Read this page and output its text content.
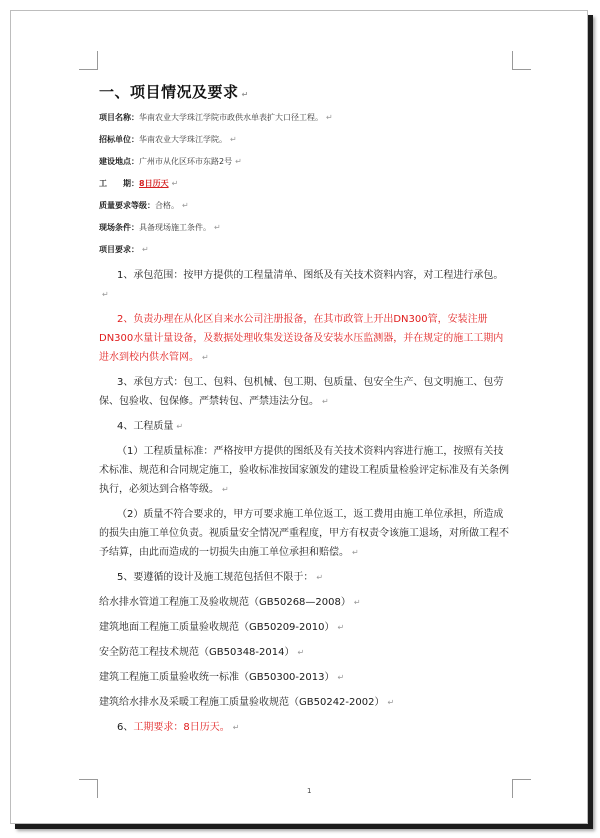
一、项目情况及要求 ↵
项目名称：华南农业大学珠江学院市政供水单表扩大口径工程。 ↵
招标单位：华南农业大学珠江学院。 ↵
建设地点：广州市从化区环市东路2号 ↵
工　　期：8日历天 ↵
质量要求等级：合格。 ↵
现场条件：具备现场施工条件。 ↵
项目要求： ↵
1、承包范围：按甲方提供的工程量清单、图纸及有关技术资料内容，对工程进行承包。↵
2、负责办理在从化区自来水公司注册报备，在其市政管上开出DN300管，安装注册DN300水量计量设备，及数据处理收集发送设备及安装水压监测器，并在规定的施工工期内进水到校内供水管网。 ↵
3、承包方式：包工、包料、包机械、包工期、包质量、包安全生产、包文明施工、包劳保、包验收、包保修。严禁转包、严禁违法分包。 ↵
4、工程质量 ↵
（1）工程质量标准：严格按甲方提供的图纸及有关技术资料内容进行施工，按照有关技术标准、规范和合同规定施工，验收标准按国家颁发的建设工程质量检验评定标准及有关条例执行，必须达到合格等级。 ↵
（2）质量不符合要求的，甲方可要求施工单位返工，返工费用由施工单位承担，所造成的损失由施工单位负责。视质量安全情况严重程度，甲方有权责令该施工退场，对所做工程不予结算，由此而造成的一切损失由施工单位承担和赔偿。 ↵
5、要遵循的设计及施工规范包括但不限于： ↵
给水排水管道工程施工及验收规范（GB50268—2008） ↵
建筑地面工程施工质量验收规范（GB50209-2010） ↵
安全防范工程技术规范（GB50348-2014） ↵
建筑工程施工质量验收统一标准（GB50300-2013） ↵
建筑给水排水及采暖工程施工质量验收规范（GB50242-2002） ↵
6、工期要求：8日历天。 ↵
1
